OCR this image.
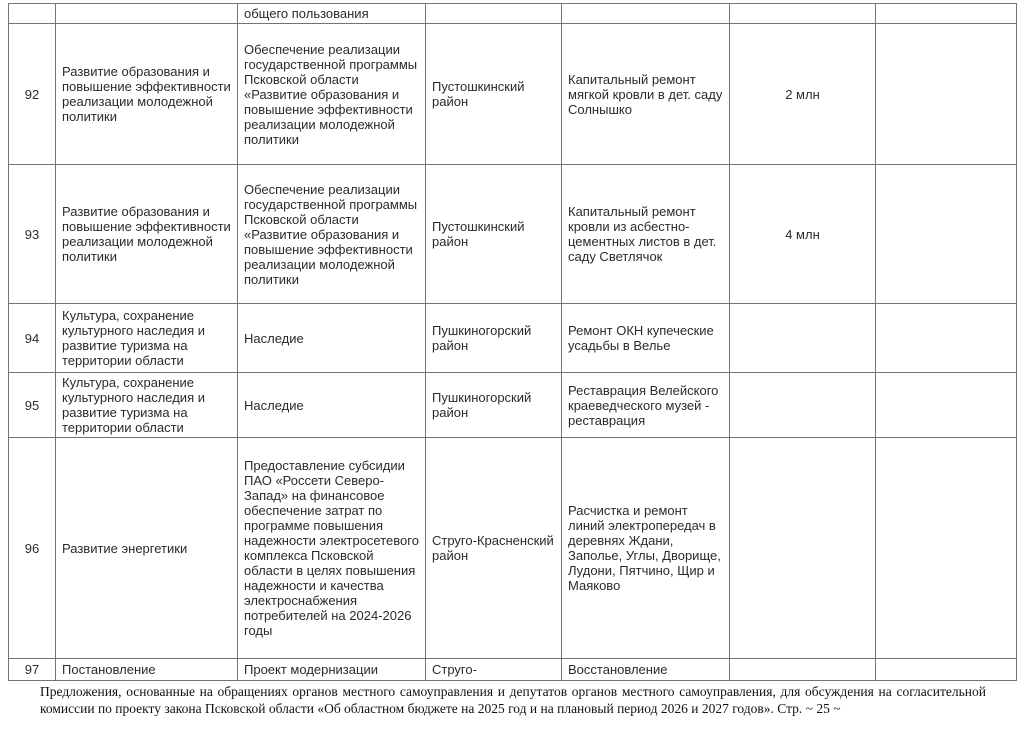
		общего пользования				
92	Развитие образования и повышение эффективности реализации молодежной политики	Обеспечение реализации государственной программы Псковской области «Развитие образования и повышение эффективности реализации молодежной политики	Пустошкинский район	Капитальный ремонт мягкой кровли в дет. саду Солнышко	2 млн	
93	Развитие образования и повышение эффективности реализации молодежной политики	Обеспечение реализации государственной программы Псковской области «Развитие образования и повышение эффективности реализации молодежной политики	Пустошкинский район	Капитальный ремонт кровли из асбестно-цементных листов в дет. саду Светлячок	4 млн	
94	Культура, сохранение культурного наследия и развитие туризма на территории области	Наследие	Пушкиногорский район	Ремонт ОКН купеческие усадьбы в Велье		
95	Культура, сохранение культурного наследия и развитие туризма на территории области	Наследие	Пушкиногорский район	Реставрация Велейского краеведческого музей - реставрация		
96	Развитие энергетики	Предоставление субсидии ПАО «Россети Северо-Запад» на финансовое обеспечение затрат по программе повышения надежности электросетевого комплекса Псковской области в целях повышения надежности и качества электроснабжения потребителей на 2024-2026 годы	Струго-Красненский район	Расчистка и ремонт линий электропередач в деревнях Ждани, Заполье, Углы, Дворище, Лудони, Пятчино, Щир и Маяково		
97	Постановление	Проект модернизации	Струго-	Восстановление		

Предложения, основанные на обращениях органов местного самоуправления и депутатов органов местного самоуправления, для обсуждения на согласительной комиссии по проекту закона Псковской области «Об областном бюджете на 2025 год и на плановый период 2026 и 2027 годов». Стр. ~ 25 ~
